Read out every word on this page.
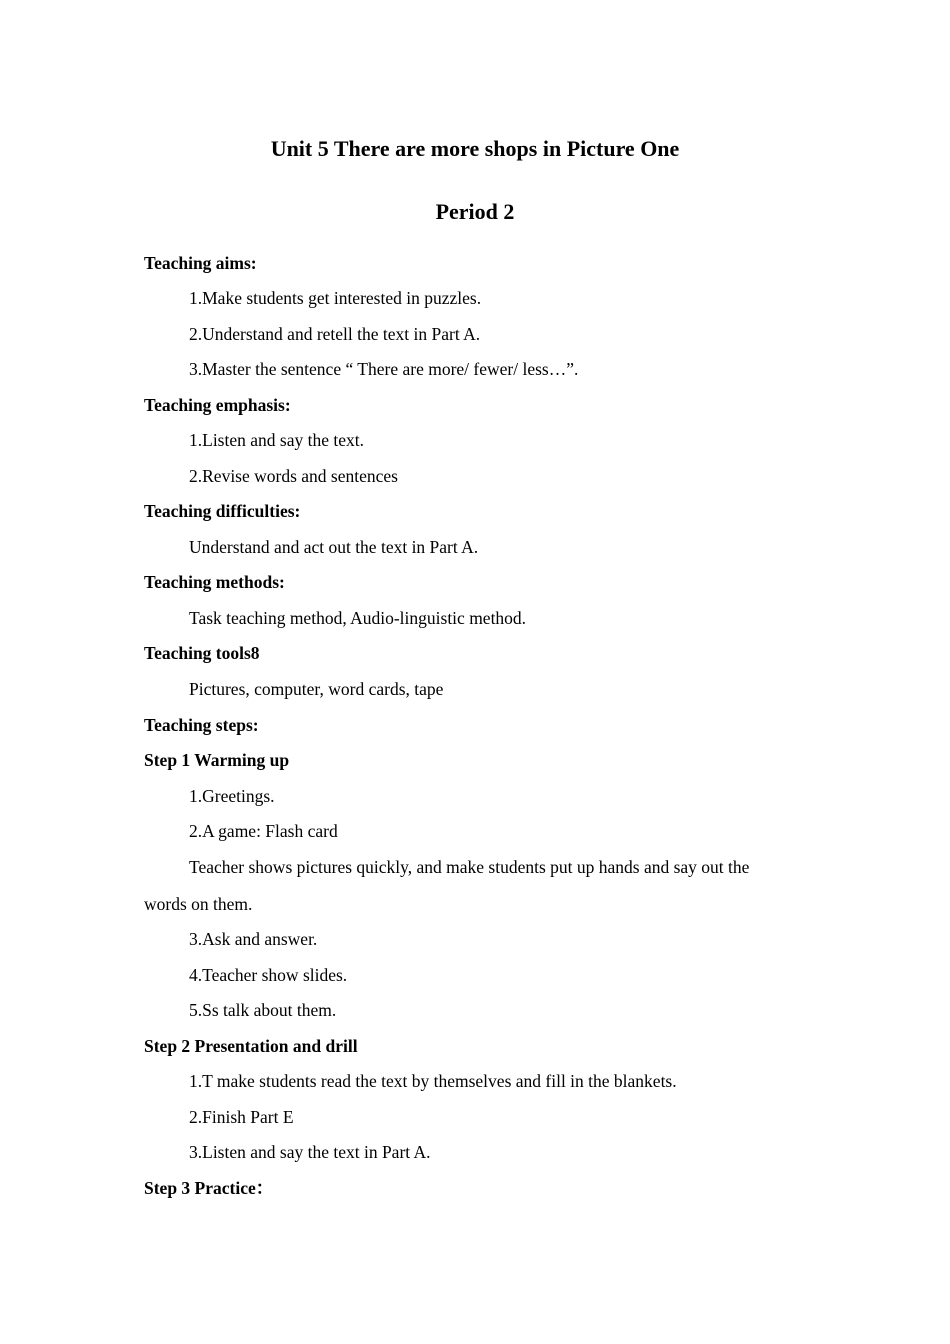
Unit 5 There are more shops in Picture One
Period 2
Teaching aims:
1.Make students get interested in puzzles.
2.Understand and retell the text in Part A.
3.Master the sentence “ There are more/ fewer/ less…”.
Teaching emphasis:
1.Listen and say the text.
2.Revise words and sentences
Teaching difficulties:
Understand and act out the text in Part A.
Teaching methods:
Task teaching method, Audio-linguistic method.
Teaching tools8
Pictures, computer, word cards, tape
Teaching steps:
Step 1 Warming up
1.Greetings.
2.A game: Flash card
Teacher shows pictures quickly, and make students put up hands and say out the
words on them.
3.Ask and answer.
4.Teacher show slides.
5.Ss talk about them.
Step 2 Presentation and drill
1.T make students read the text by themselves and fill in the blankets.
2.Finish Part E
3.Listen and say the text in Part A.
Step 3 Practice：
